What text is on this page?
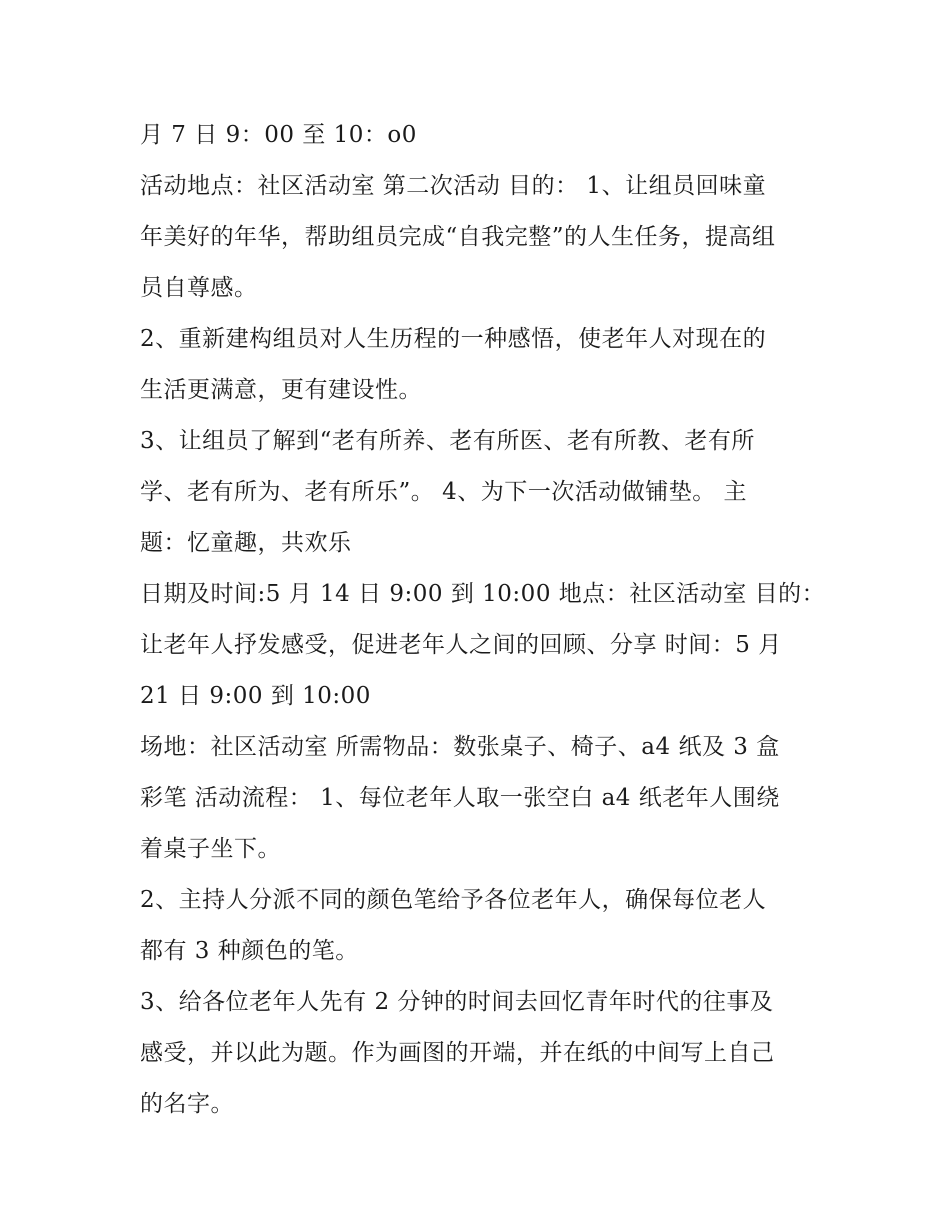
月 7 日 9：00 至 10：o0
活动地点：社区活动室 第二次活动 目的： 1、让组员回味童
年美好的年华，帮助组员完成“自我完整”的人生任务，提高组
员自尊感。
2、重新建构组员对人生历程的一种感悟，使老年人对现在的
生活更满意，更有建设性。
3、让组员了解到“老有所养、老有所医、老有所教、老有所
学、老有所为、老有所乐”。 4、为下一次活动做铺垫。 主
题：忆童趣，共欢乐
日期及时间:5 月 14 日 9:00 到 10:00 地点：社区活动室 目的：
让老年人抒发感受，促进老年人之间的回顾、分享 时间：5 月
21 日 9:00 到 10:00
场地：社区活动室 所需物品：数张桌子、椅子、a4 纸及 3 盒
彩笔 活动流程： 1、每位老年人取一张空白 a4 纸老年人围绕
着桌子坐下。
2、主持人分派不同的颜色笔给予各位老年人，确保每位老人
都有 3 种颜色的笔。
3、给各位老年人先有 2 分钟的时间去回忆青年时代的往事及
感受，并以此为题。作为画图的开端，并在纸的中间写上自己
的名字。
